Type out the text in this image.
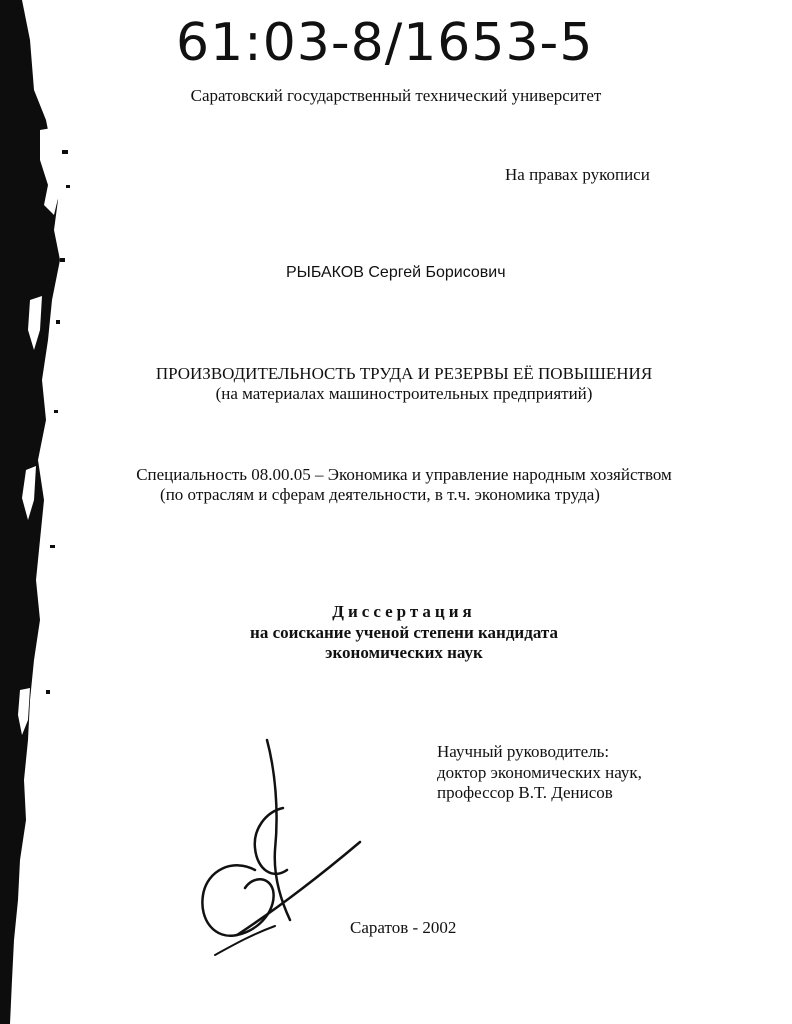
61:03-8/1653-5
Саратовский государственный технический университет
На правах рукописи
РЫБАКОВ Сергей Борисович
ПРОИЗВОДИТЕЛЬНОСТЬ ТРУДА И РЕЗЕРВЫ ЕЁ ПОВЫШЕНИЯ
(на материалах машиностроительных предприятий)
Специальность 08.00.05 – Экономика и управление народным хозяйством
(по отраслям и сферам деятельности, в т.ч. экономика труда)
Диссертация
на соискание ученой степени кандидата
экономических наук
Научный руководитель:
доктор экономических наук,
профессор В.Т. Денисов
Саратов - 2002
